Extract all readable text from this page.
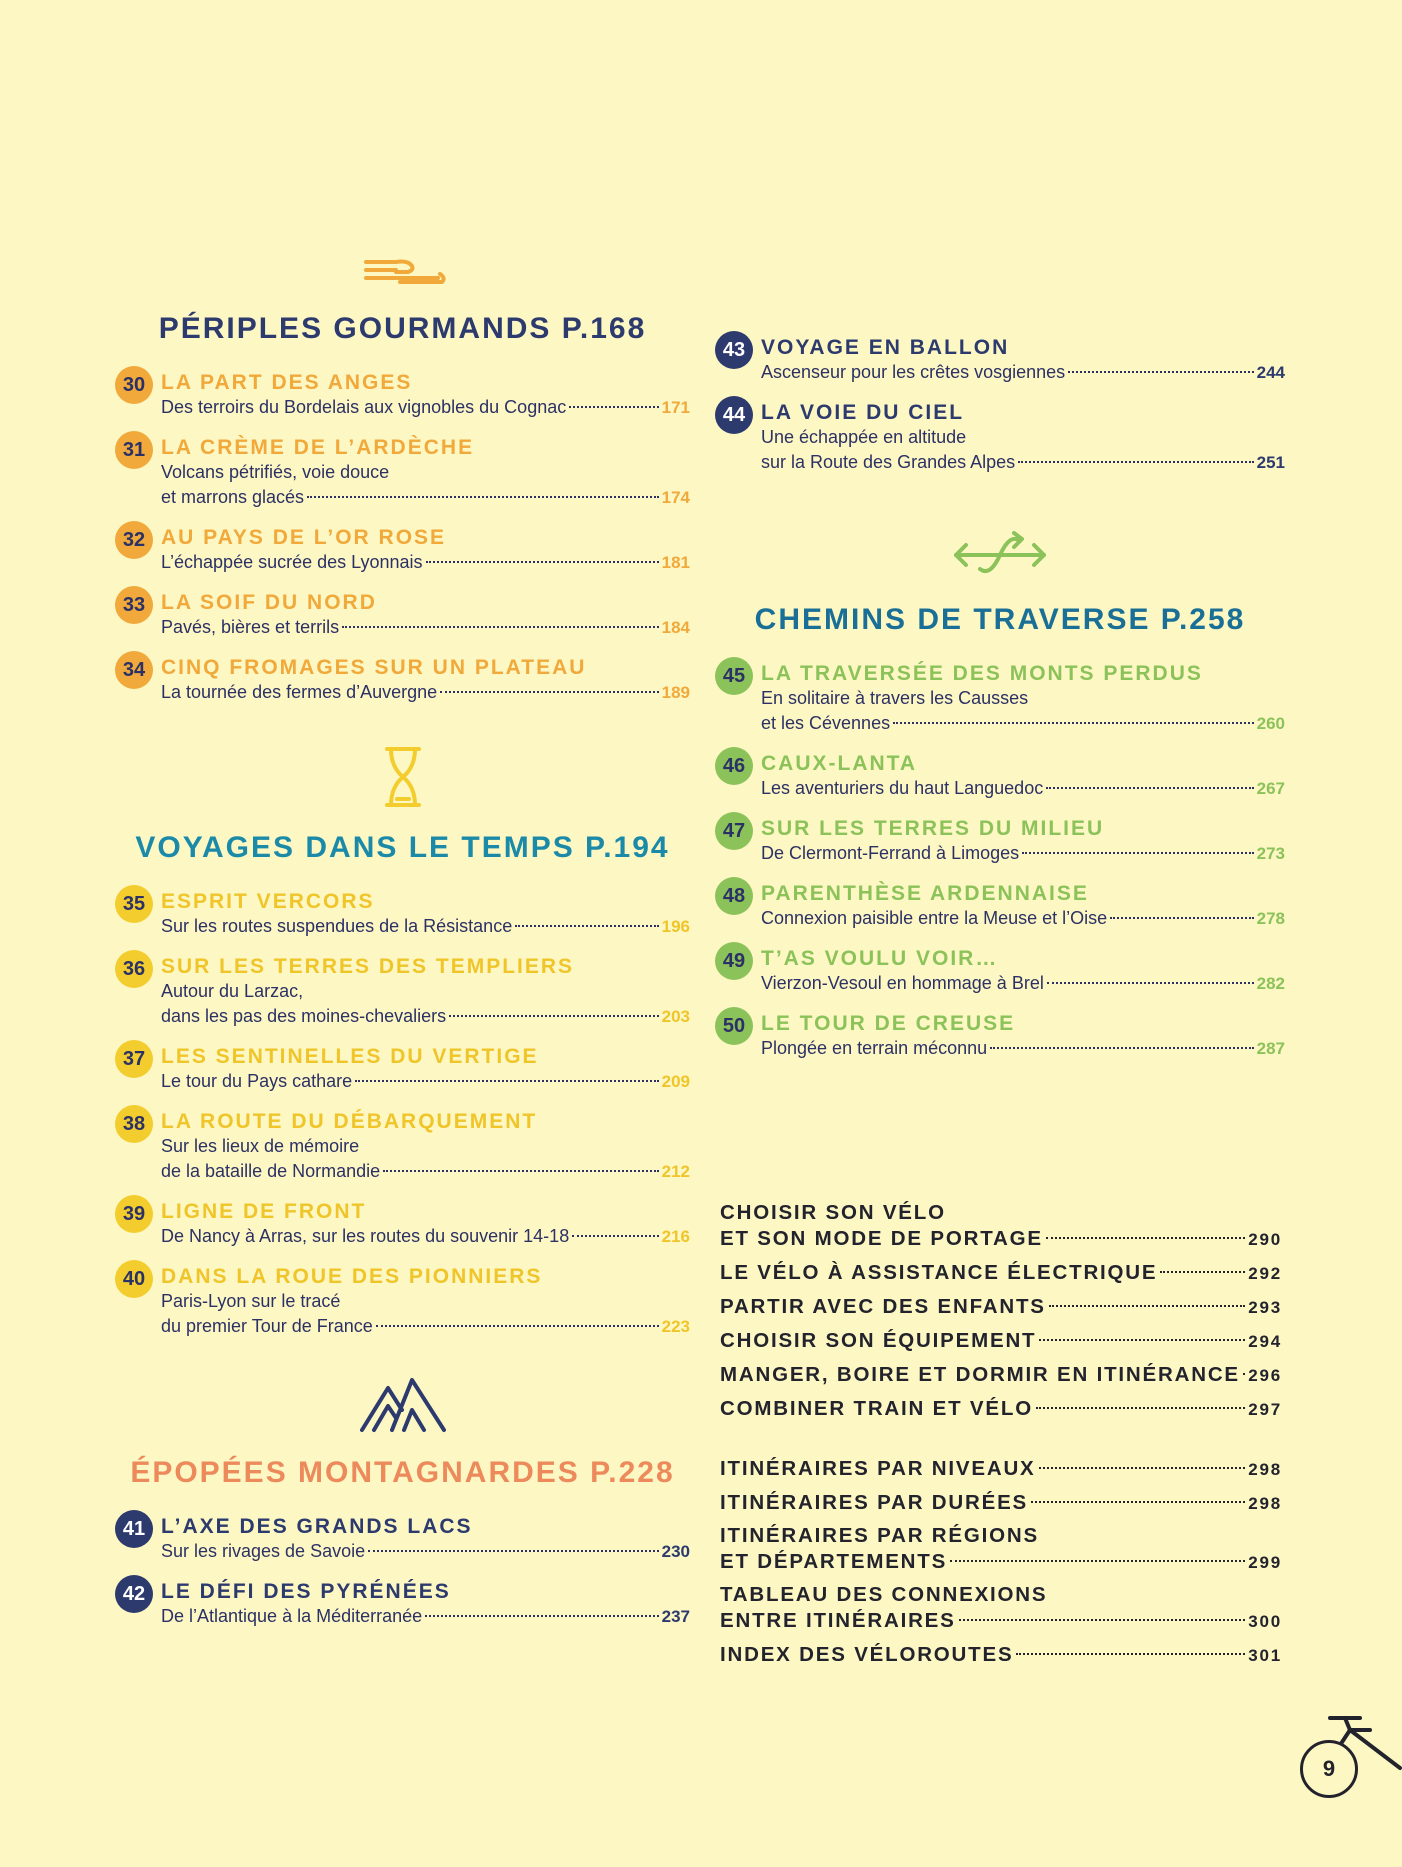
PÉRIPLES GOURMANDS P.168
30 LA PART DES ANGES
Des terroirs du Bordelais aux vignobles du Cognac	171
31 LA CRÈME DE L’ARDÈCHE
Volcans pétrifiés, voie douce
et marrons glacés	174
32 AU PAYS DE L’OR ROSE
L’échappée sucrée des Lyonnais	181
33 LA SOIF DU NORD
Pavés, bières et terrils	184
34 CINQ FROMAGES SUR UN PLATEAU
La tournée des fermes d’Auvergne	189
VOYAGES DANS LE TEMPS P.194
35 ESPRIT VERCORS
Sur les routes suspendues de la Résistance	196
36 SUR LES TERRES DES TEMPLIERS
Autour du Larzac,
dans les pas des moines-chevaliers	203
37 LES SENTINELLES DU VERTIGE
Le tour du Pays cathare	209
38 LA ROUTE DU DÉBARQUEMENT
Sur les lieux de mémoire
de la bataille de Normandie	212
39 LIGNE DE FRONT
De Nancy à Arras, sur les routes du souvenir 14-18	216
40 DANS LA ROUE DES PIONNIERS
Paris-Lyon sur le tracé
du premier Tour de France	223
ÉPOPÉES MONTAGNARDES P.228
41 L’AXE DES GRANDS LACS
Sur les rivages de Savoie	230
42 LE DÉFI DES PYRÉNÉES
De l’Atlantique à la Méditerranée	237
43 VOYAGE EN BALLON
Ascenseur pour les crêtes vosgiennes	244
44 LA VOIE DU CIEL
Une échappée en altitude
sur la Route des Grandes Alpes	251
CHEMINS DE TRAVERSE P.258
45 LA TRAVERSÉE DES MONTS PERDUS
En solitaire à travers les Causses
et les Cévennes	260
46 CAUX-LANTA
Les aventuriers du haut Languedoc	267
47 SUR LES TERRES DU MILIEU
De Clermont-Ferrand à Limoges	273
48 PARENTHÈSE ARDENNAISE
Connexion paisible entre la Meuse et l’Oise	278
49 T’AS VOULU VOIR…
Vierzon-Vesoul en hommage à Brel	282
50 LE TOUR DE CREUSE
Plongée en terrain méconnu	287
CHOISIR SON VÉLO
ET SON MODE DE PORTAGE	290
LE VÉLO À ASSISTANCE ÉLECTRIQUE	292
PARTIR AVEC DES ENFANTS	293
CHOISIR SON ÉQUIPEMENT	294
MANGER, BOIRE ET DORMIR EN ITINÉRANCE 296
COMBINER TRAIN ET VÉLO	297
ITINÉRAIRES PAR NIVEAUX	298
ITINÉRAIRES PAR DURÉES	298
ITINÉRAIRES PAR RÉGIONS
ET DÉPARTEMENTS	299
TABLEAU DES CONNEXIONS
ENTRE ITINÉRAIRES	300
INDEX DES VÉLOROUTES	301
9
